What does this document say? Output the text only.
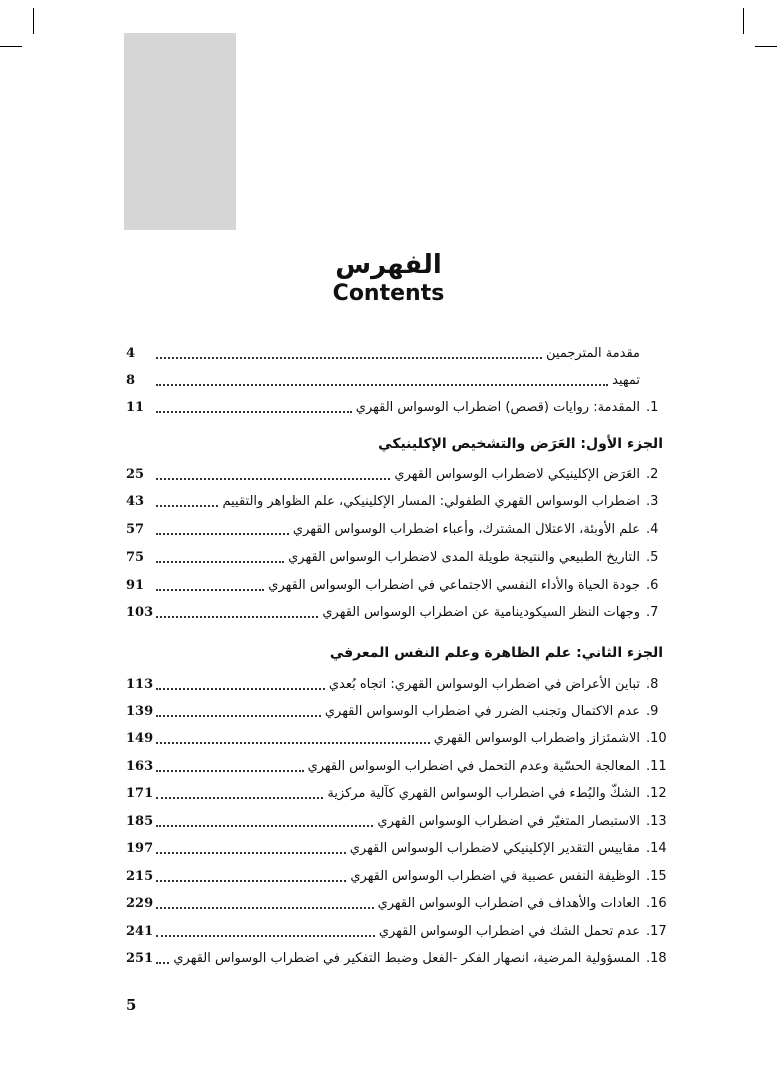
الفهرس
Contents
مقدمة المترجمين
4
تمهيد
8
.1
المقدمة: روايات (قصص) اضطراب الوسواس القهري
11
الجزء الأول: العَرَض والتشخيص الإكلينيكي
.2
العَرَض الإكلينيكي لاضطراب الوسواس القهري
25
.3
اضطراب الوسواس القهري الطفولي: المسار الإكلينيكي، علم الظواهر والتقييم
43
.4
علم الأوبئة، الاعتلال المشترك، وأعباء اضطراب الوسواس القهري
57
.5
التاريخ الطبيعي والنتيجة طويلة المدى لاضطراب الوسواس القهري
75
.6
جودة الحياة والأداء النفسي الاجتماعي في اضطراب الوسواس القهري
91
.7
وجهات النظر السيكودينامية عن اضطراب الوسواس القهري
103
الجزء الثاني: علم الظاهرة وعلم النفس المعرفي
.8
تباين الأعراض في اضطراب الوسواس القهري: اتجاه بُعدي
113
.9
عدم الاكتمال وتجنب الضرر في اضطراب الوسواس القهري
139
.10
الاشمئزاز واضطراب الوسواس القهري
149
.11
المعالجة الحسّية وعدم التحمل في اضطراب الوسواس القهري
163
.12
الشكّ والبُطء في اضطراب الوسواس القهري كآلية مركزية
171
.13
الاستبصار المتغيّر في اضطراب الوسواس القهري
185
.14
مقاييس التقدير الإكلينيكي لاضطراب الوسواس القهري
197
.15
الوظيفة النفس عصبية في اضطراب الوسواس القهري
215
.16
العادات والأهداف في اضطراب الوسواس القهري
229
.17
عدم تحمل الشك في اضطراب الوسواس القهري
241
.18
المسؤولية المرضية، انصهار الفكر -الفعل وضبط التفكير في اضطراب الوسواس القهري
251
5
